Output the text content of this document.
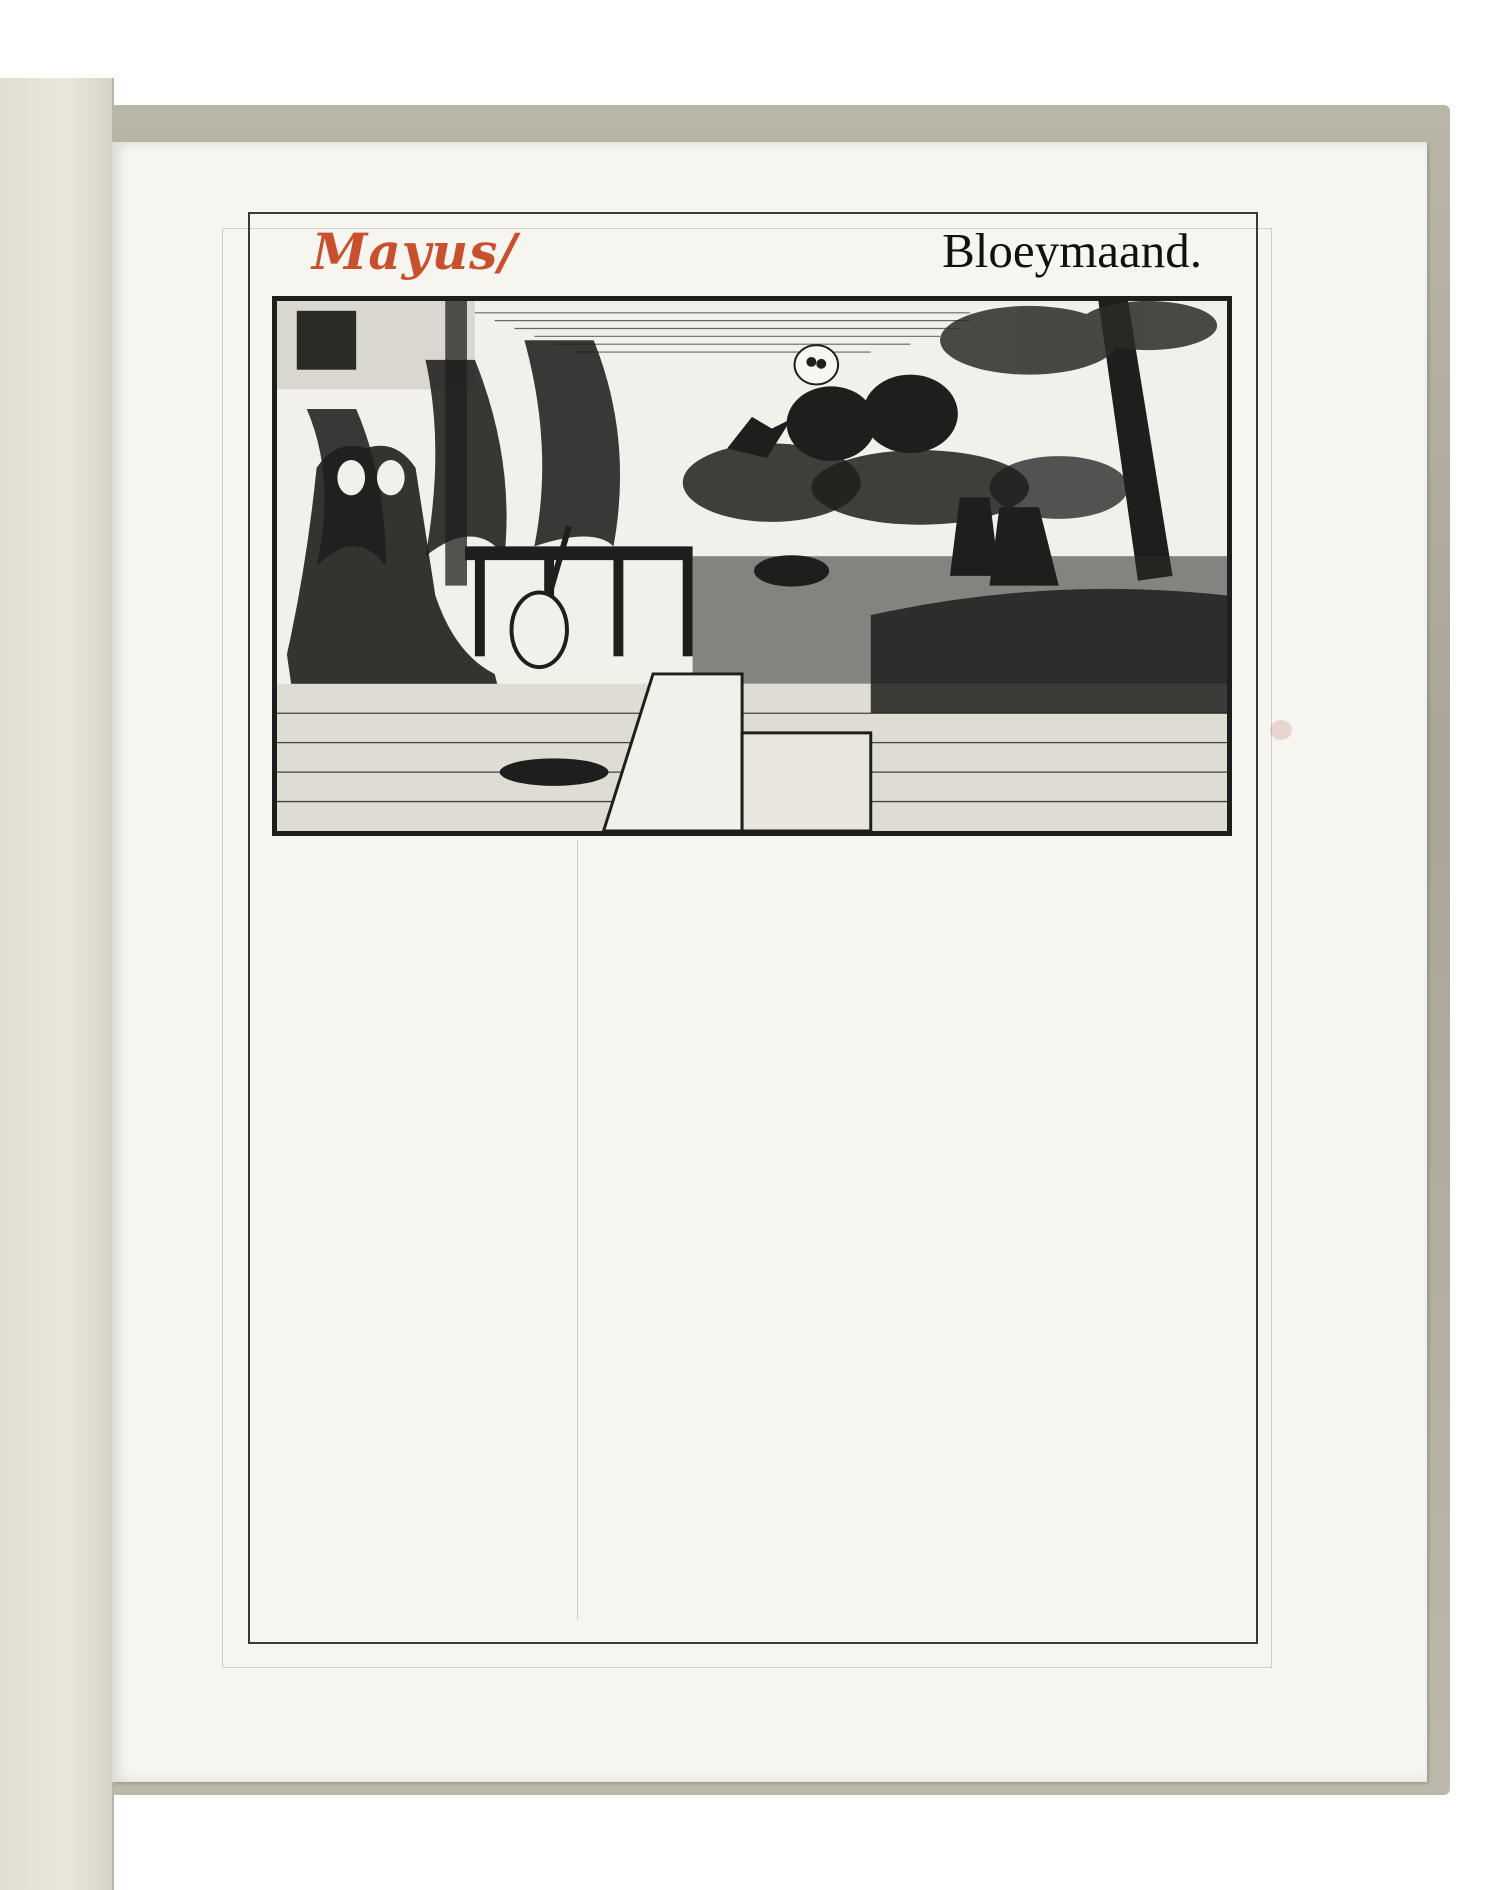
Mayus/	Bloeymaand.
